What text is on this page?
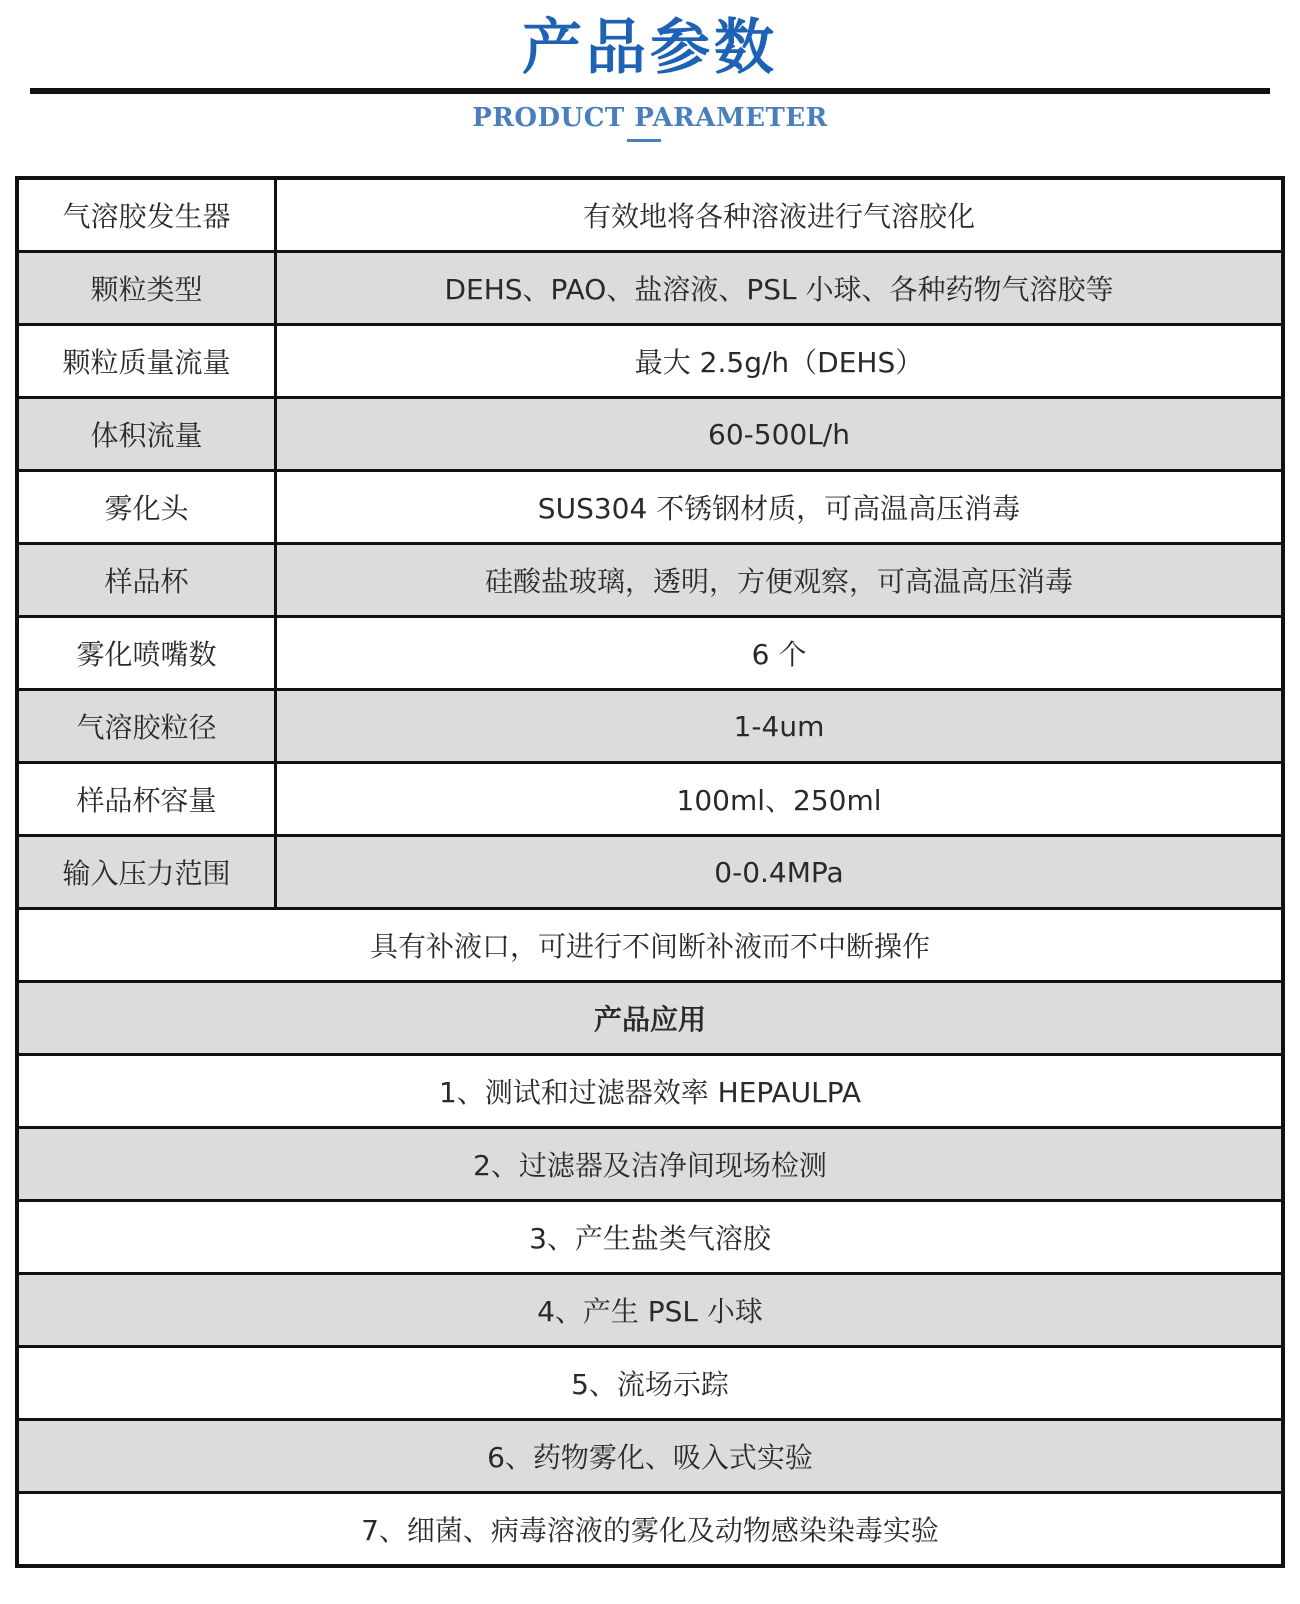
产品参数
PRODUCT PARAMETER
气溶胶发生器	有效地将各种溶液进行气溶胶化
颗粒类型	DEHS、PAO、盐溶液、PSL 小球、各种药物气溶胶等
颗粒质量流量	最大 2.5g/h（DEHS）
体积流量	60-500L/h
雾化头	SUS304 不锈钢材质，可高温高压消毒
样品杯	硅酸盐玻璃，透明，方便观察，可高温高压消毒
雾化喷嘴数	6 个
气溶胶粒径	1-4um
样品杯容量	100ml、250ml
输入压力范围	0-0.4MPa
具有补液口，可进行不间断补液而不中断操作
产品应用
1、测试和过滤器效率 HEPAULPA
2、过滤器及洁净间现场检测
3、产生盐类气溶胶
4、产生 PSL 小球
5、流场示踪
6、药物雾化、吸入式实验
7、细菌、病毒溶液的雾化及动物感染染毒实验
